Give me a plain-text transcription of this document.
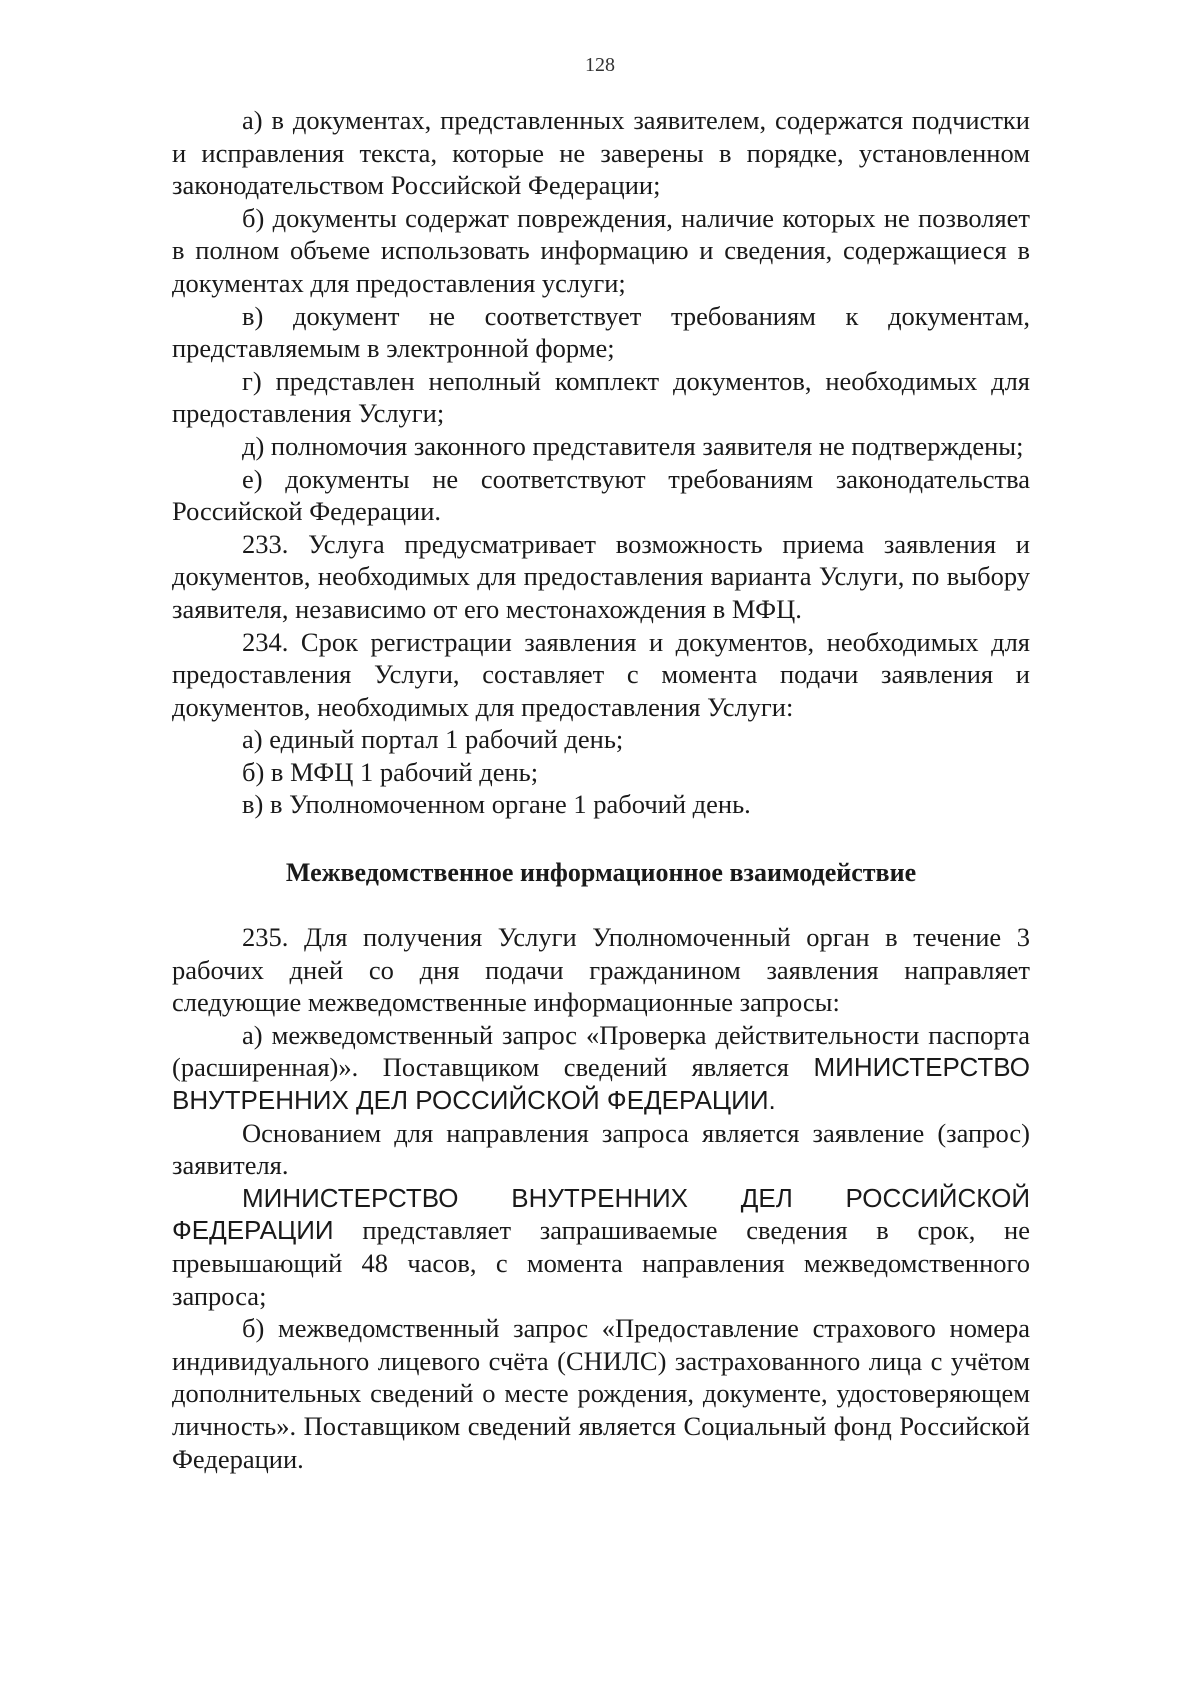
128

а) в документах, представленных заявителем, содержатся подчистки и исправления текста, которые не заверены в порядке, установленном законодательством Российской Федерации;

б) документы содержат повреждения, наличие которых не позволяет в полном объеме использовать информацию и сведения, содержащиеся в документах для предоставления услуги;

в) документ не соответствует требованиям к документам, представляемым в электронной форме;

г) представлен неполный комплект документов, необходимых для предоставления Услуги;

д) полномочия законного представителя заявителя не подтверждены;

е) документы не соответствуют требованиям законодательства Российской Федерации.

233. Услуга предусматривает возможность приема заявления и документов, необходимых для предоставления варианта Услуги, по выбору заявителя, независимо от его местонахождения в МФЦ.

234. Срок регистрации заявления и документов, необходимых для предоставления Услуги, составляет с момента подачи заявления и документов, необходимых для предоставления Услуги:

а) единый портал 1 рабочий день;

б) в МФЦ 1 рабочий день;

в) в Уполномоченном органе 1 рабочий день.

Межведомственное информационное взаимодействие

235. Для получения Услуги Уполномоченный орган в течение 3 рабочих дней со дня подачи гражданином заявления направляет следующие межведомственные информационные запросы:

а) межведомственный запрос «Проверка действительности паспорта (расширенная)». Поставщиком сведений является МИНИСТЕРСТВО ВНУТРЕННИХ ДЕЛ РОССИЙСКОЙ ФЕДЕРАЦИИ.

Основанием для направления запроса является заявление (запрос) заявителя.

МИНИСТЕРСТВО ВНУТРЕННИХ ДЕЛ РОССИЙСКОЙ ФЕДЕРАЦИИ представляет запрашиваемые сведения в срок, не превышающий 48 часов, с момента направления межведомственного запроса;

б) межведомственный запрос «Предоставление страхового номера индивидуального лицевого счёта (СНИЛС) застрахованного лица с учётом дополнительных сведений о месте рождения, документе, удостоверяющем личность». Поставщиком сведений является Социальный фонд Российской Федерации.
